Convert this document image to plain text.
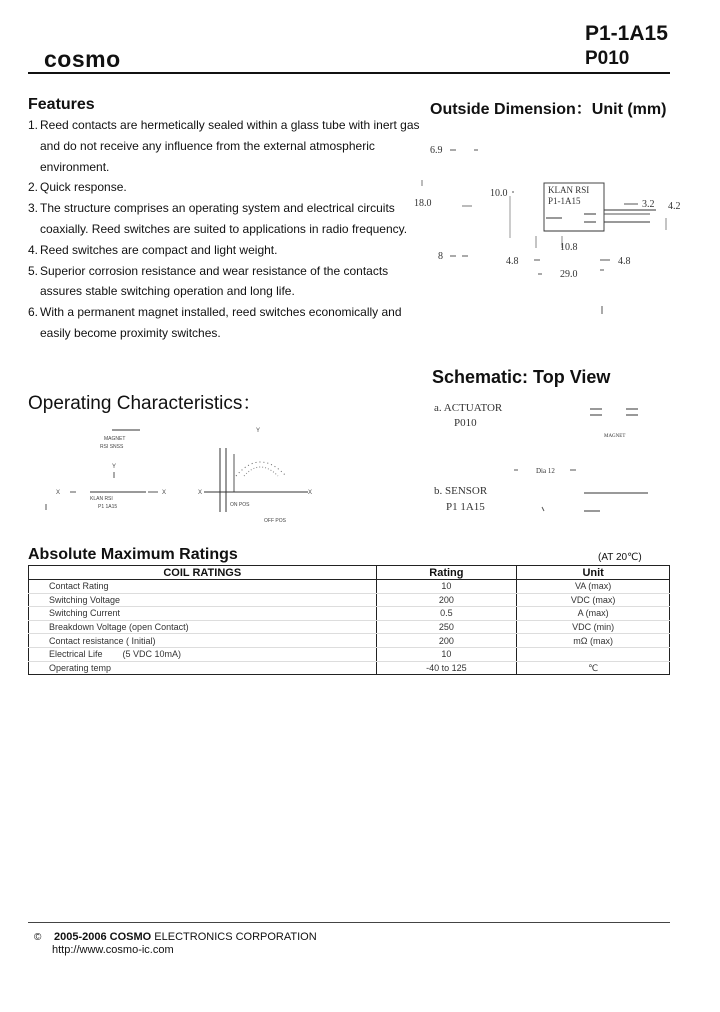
cosmo
P1-1A15
P010
Features
1. Reed contacts are hermetically sealed within a glass tube with inert gas and do not receive any influence from the external atmospheric environment.
2. Quick response.
3. The structure comprises an operating system and electrical circuits coaxially. Reed switches are suited to applications in radio frequency.
4. Reed switches are compact and light weight.
5. Superior corrosion resistance and wear resistance of the contacts assures stable switching operation and long life.
6. With a permanent magnet installed, reed switches economically and easily become proximity switches.
Outside Dimension：Unit (mm)
6.9
10.0
18.0
8
KLAN RSI
P1-1A15	3.2 4.2
10.8
4.8	4.8
29.0
Schematic: Top View
a. ACTUATOR
P010
MAGNET
Dia 12
b. SENSOR
P1 1A15
Operating Characteristics：
MAGNET
RSI SNSS
Y
X	X
KLAN RSI
P1 1A15
Y
X	X
ON POS
OFF POS
Absolute Maximum Ratings	(AT 20℃)
COIL RATINGS	Rating	Unit
Contact Rating	10	VA (max)
Switching Voltage	200	VDC (max)
Switching Current	0.5	A (max)
Breakdown Voltage (open Contact)	250	VDC (min)
Contact resistance ( Initial)	200	mΩ (max)
Electrical Life        (5 VDC 10mA)	10	
Operating temp	-40 to 125	℃
© 2005-2006 COSMO ELECTRONICS CORPORATION
http://www.cosmo-ic.com
